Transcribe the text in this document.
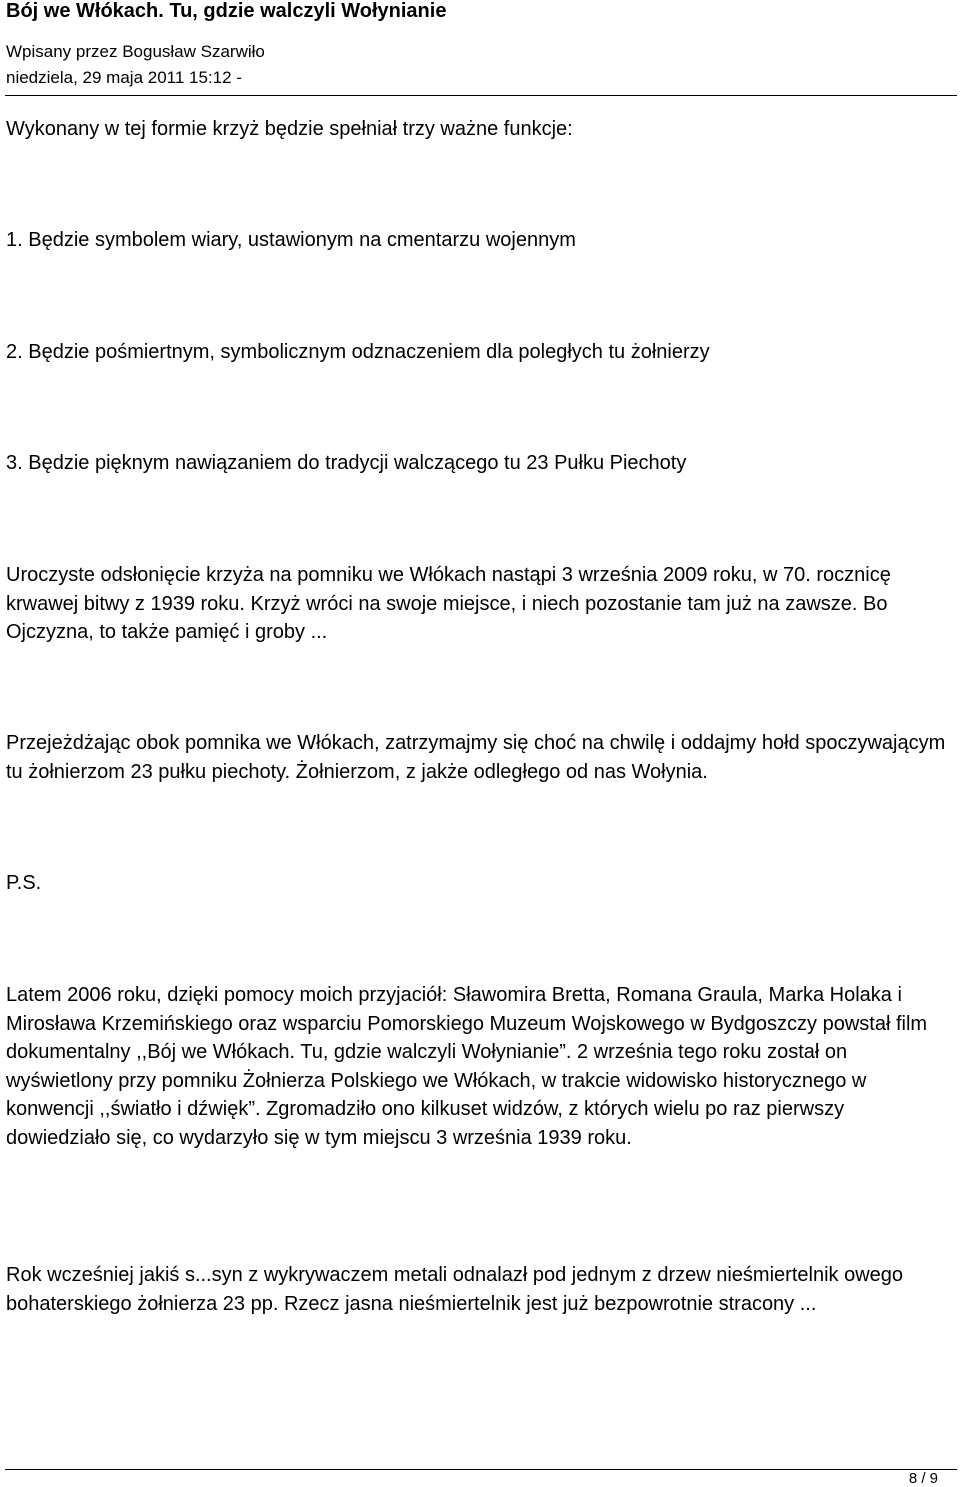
Bój we Włókach. Tu, gdzie walczyli Wołynianie
Wpisany przez Bogusław Szarwiło
niedziela, 29 maja 2011 15:12 -

Wykonany w tej formie krzyż będzie spełniał trzy ważne funkcje:

1. Będzie symbolem wiary, ustawionym na cmentarzu wojennym

2. Będzie pośmiertnym, symbolicznym odznaczeniem dla poległych tu żołnierzy

3. Będzie pięknym nawiązaniem do tradycji walczącego tu 23 Pułku Piechoty

Uroczyste odsłonięcie krzyża na pomniku we Włókach nastąpi 3 września 2009 roku, w 70. rocznicę krwawej bitwy z 1939 roku. Krzyż wróci na swoje miejsce, i niech pozostanie tam już na zawsze. Bo Ojczyzna, to także pamięć i groby ...

Przejeżdżając obok pomnika we Włókach, zatrzymajmy się choć na chwilę i oddajmy hołd spoczywającym tu żołnierzom 23 pułku piechoty. Żołnierzom, z jakże odległego od nas Wołynia.

P.S.

Latem 2006 roku, dzięki pomocy moich przyjaciół: Sławomira Bretta, Romana Graula, Marka Holaka i Mirosława Krzemińskiego oraz wsparciu Pomorskiego Muzeum Wojskowego w Bydgoszczy powstał film dokumentalny ,,Bój we Włókach. Tu, gdzie walczyli Wołynianie”. 2 września tego roku został on wyświetlony przy pomniku Żołnierza Polskiego we Włókach, w trakcie widowisko historycznego w konwencji ,,światło i dźwięk”. Zgromadziło ono kilkuset widzów, z których wielu po raz pierwszy dowiedziało się, co wydarzyło się w tym miejscu 3 września 1939 roku.

Rok wcześniej jakiś s...syn z wykrywaczem metali odnalazł pod jednym z drzew nieśmiertelnik owego bohaterskiego żołnierza 23 pp. Rzecz jasna nieśmiertelnik jest już bezpowrotnie stracony ...

8 / 9
